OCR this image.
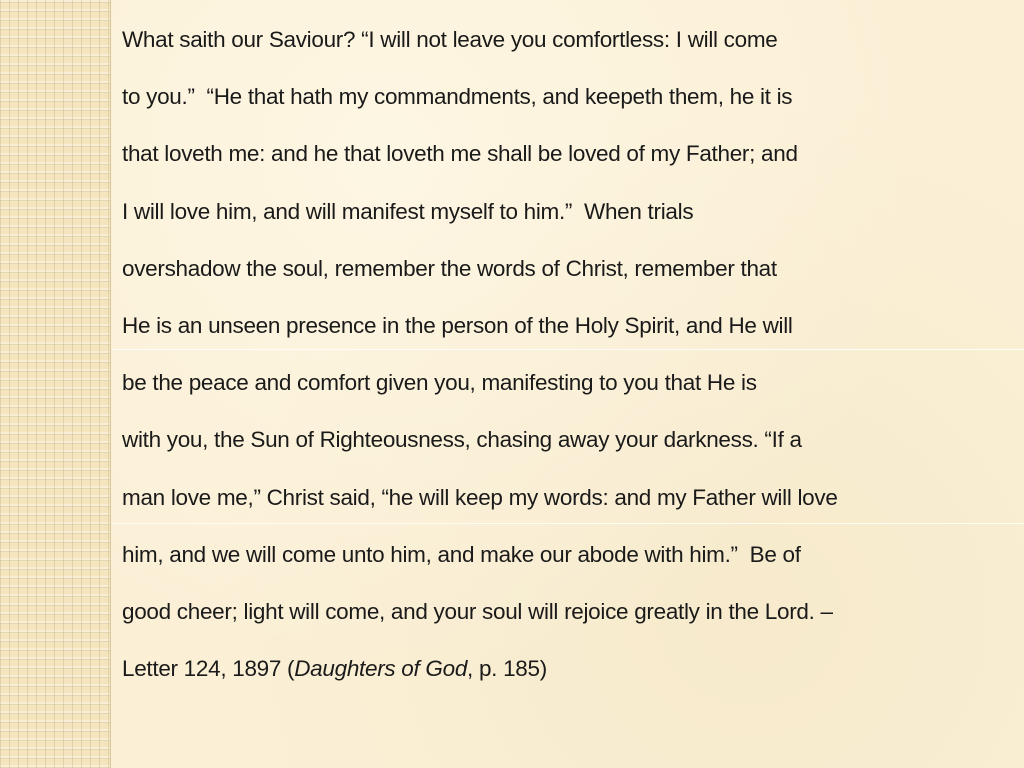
What saith our Saviour? “I will not leave you comfortless: I will come
to you.”  “He that hath my commandments, and keepeth them, he it is
that loveth me: and he that loveth me shall be loved of my Father; and
I will love him, and will manifest myself to him.”  When trials
overshadow the soul, remember the words of Christ, remember that
He is an unseen presence in the person of the Holy Spirit, and He will
be the peace and comfort given you, manifesting to you that He is
with you, the Sun of Righteousness, chasing away your darkness. “If a
man love me,” Christ said, “he will keep my words: and my Father will love
him, and we will come unto him, and make our abode with him.”  Be of
good cheer; light will come, and your soul will rejoice greatly in the Lord. –
Letter 124, 1897 (Daughters of God, p. 185)
